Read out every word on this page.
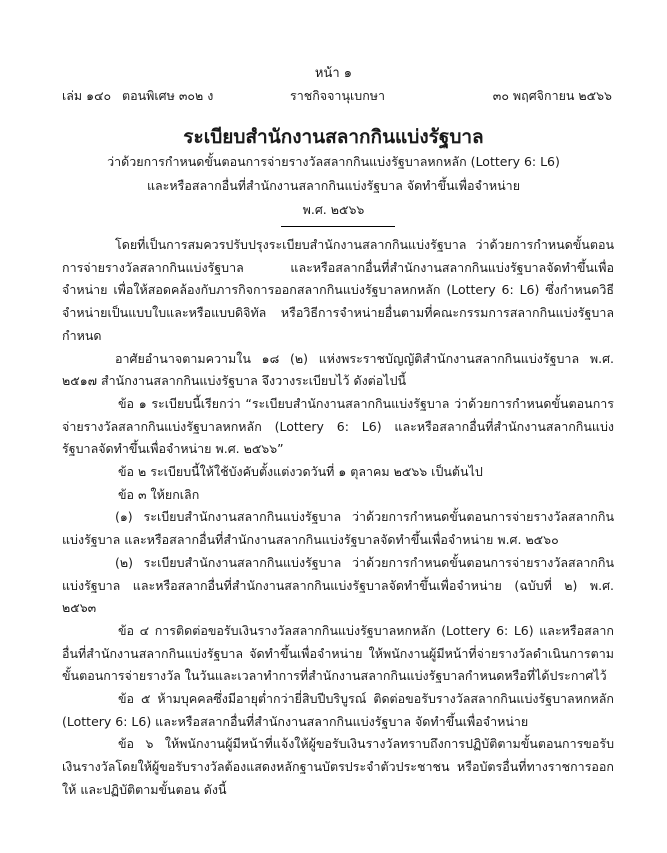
หน้า ๑
เล่ม ๑๔๐ ตอนพิเศษ ๓๐๒ ง	ราชกิจจานุเบกษา	๓๐ พฤศจิกายน ๒๕๖๖
ระเบียบสำนักงานสลากกินแบ่งรัฐบาล
ว่าด้วยการกำหนดขั้นตอนการจ่ายรางวัลสลากกินแบ่งรัฐบาลหกหลัก (Lottery 6: L6)
และหรือสลากอื่นที่สำนักงานสลากกินแบ่งรัฐบาล จัดทำขึ้นเพื่อจำหน่าย
พ.ศ. ๒๕๖๖

โดยที่เป็นการสมควรปรับปรุงระเบียบสำนักงานสลากกินแบ่งรัฐบาล ว่าด้วยการกำหนดขั้นตอนการจ่ายรางวัลสลากกินแบ่งรัฐบาล และหรือสลากอื่นที่สำนักงานสลากกินแบ่งรัฐบาลจัดทำขึ้นเพื่อจำหน่าย เพื่อให้สอดคล้องกับภารกิจการออกสลากกินแบ่งรัฐบาลหกหลัก (Lottery 6: L6) ซึ่งกำหนดวิธีจำหน่ายเป็นแบบใบและหรือแบบดิจิทัล หรือวิธีการจำหน่ายอื่นตามที่คณะกรรมการสลากกินแบ่งรัฐบาลกำหนด

อาศัยอำนาจตามความใน ๑๘ (๒) แห่งพระราชบัญญัติสำนักงานสลากกินแบ่งรัฐบาล พ.ศ. ๒๕๑๗ สำนักงานสลากกินแบ่งรัฐบาล จึงวางระเบียบไว้ ดังต่อไปนี้

ข้อ ๑ ระเบียบนี้เรียกว่า “ระเบียบสำนักงานสลากกินแบ่งรัฐบาล ว่าด้วยการกำหนดขั้นตอนการจ่ายรางวัลสลากกินแบ่งรัฐบาลหกหลัก (Lottery 6: L6) และหรือสลากอื่นที่สำนักงานสลากกินแบ่งรัฐบาลจัดทำขึ้นเพื่อจำหน่าย พ.ศ. ๒๕๖๖”

ข้อ ๒ ระเบียบนี้ให้ใช้บังคับตั้งแต่งวดวันที่ ๑ ตุลาคม ๒๕๖๖ เป็นต้นไป

ข้อ ๓ ให้ยกเลิก

(๑) ระเบียบสำนักงานสลากกินแบ่งรัฐบาล ว่าด้วยการกำหนดขั้นตอนการจ่ายรางวัลสลากกินแบ่งรัฐบาล และหรือสลากอื่นที่สำนักงานสลากกินแบ่งรัฐบาลจัดทำขึ้นเพื่อจำหน่าย พ.ศ. ๒๕๖๐

(๒) ระเบียบสำนักงานสลากกินแบ่งรัฐบาล ว่าด้วยการกำหนดขั้นตอนการจ่ายรางวัลสลากกินแบ่งรัฐบาล และหรือสลากอื่นที่สำนักงานสลากกินแบ่งรัฐบาลจัดทำขึ้นเพื่อจำหน่าย (ฉบับที่ ๒) พ.ศ. ๒๕๖๓

ข้อ ๔ การติดต่อขอรับเงินรางวัลสลากกินแบ่งรัฐบาลหกหลัก (Lottery 6: L6) และหรือสลากอื่นที่สำนักงานสลากกินแบ่งรัฐบาล จัดทำขึ้นเพื่อจำหน่าย ให้พนักงานผู้มีหน้าที่จ่ายรางวัลดำเนินการตามขั้นตอนการจ่ายรางวัล ในวันและเวลาทำการที่สำนักงานสลากกินแบ่งรัฐบาลกำหนดหรือที่ได้ประกาศไว้

ข้อ ๕ ห้ามบุคคลซึ่งมีอายุต่ำกว่ายี่สิบปีบริบูรณ์ ติดต่อขอรับรางวัลสลากกินแบ่งรัฐบาลหกหลัก (Lottery 6: L6) และหรือสลากอื่นที่สำนักงานสลากกินแบ่งรัฐบาล จัดทำขึ้นเพื่อจำหน่าย

ข้อ ๖ ให้พนักงานผู้มีหน้าที่แจ้งให้ผู้ขอรับเงินรางวัลทราบถึงการปฏิบัติตามขั้นตอนการขอรับเงินรางวัลโดยให้ผู้ขอรับรางวัลต้องแสดงหลักฐานบัตรประจำตัวประชาชน หรือบัตรอื่นที่ทางราชการออกให้ และปฏิบัติตามขั้นตอน ดังนี้
